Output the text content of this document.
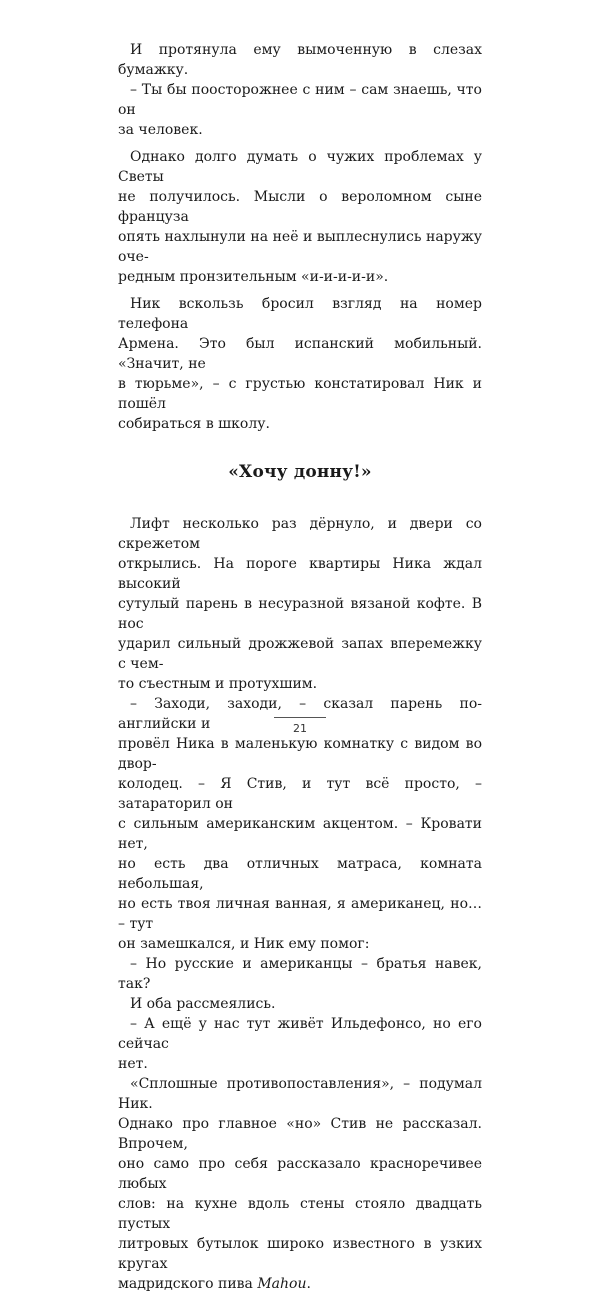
И протянула ему вымоченную в слезах бумажку.

– Ты бы поосторожнее с ним – сам знаешь, что он
за человек.

Однако долго думать о чужих проблемах у Светы
не получилось. Мысли о вероломном сыне француза
опять нахлынули на неё и выплеснулись наружу оче-
редным пронзительным «и-и-и-и-и».

Ник вскользь бросил взгляд на номер телефона
Армена. Это был испанский мобильный. «Значит, не
в тюрьме», – с грустью констатировал Ник и пошёл
собираться в школу.

«Хочу донну!»

Лифт несколько раз дёрнуло, и двери со скрежетом
открылись. На пороге квартиры Ника ждал высокий
сутулый парень в несуразной вязаной кофте. В нос
ударил сильный дрожжевой запах вперемежку с чем-
то съестным и протухшим.

– Заходи, заходи, – сказал парень по-английски и
провёл Ника в маленькую комнатку с видом во двор-
колодец. – Я Стив, и тут всё просто, – затараторил он
с сильным американским акцентом. – Кровати нет,
но есть два отличных матраса, комната небольшая,
но есть твоя личная ванная, я американец, но… – тут
он замешкался, и Ник ему помог:

– Но русские и американцы – братья навек, так?

И оба рассмеялись.

– А ещё у нас тут живёт Ильдефонсо, но его сейчас
нет.

«Сплошные противопоставления», – подумал Ник.
Однако про главное «но» Стив не рассказал. Впрочем,
оно само про себя рассказало красноречивее любых
слов: на кухне вдоль стены стояло двадцать пустых
литровых бутылок широко известного в узких кругах
мадридского пива Mahou.

21
